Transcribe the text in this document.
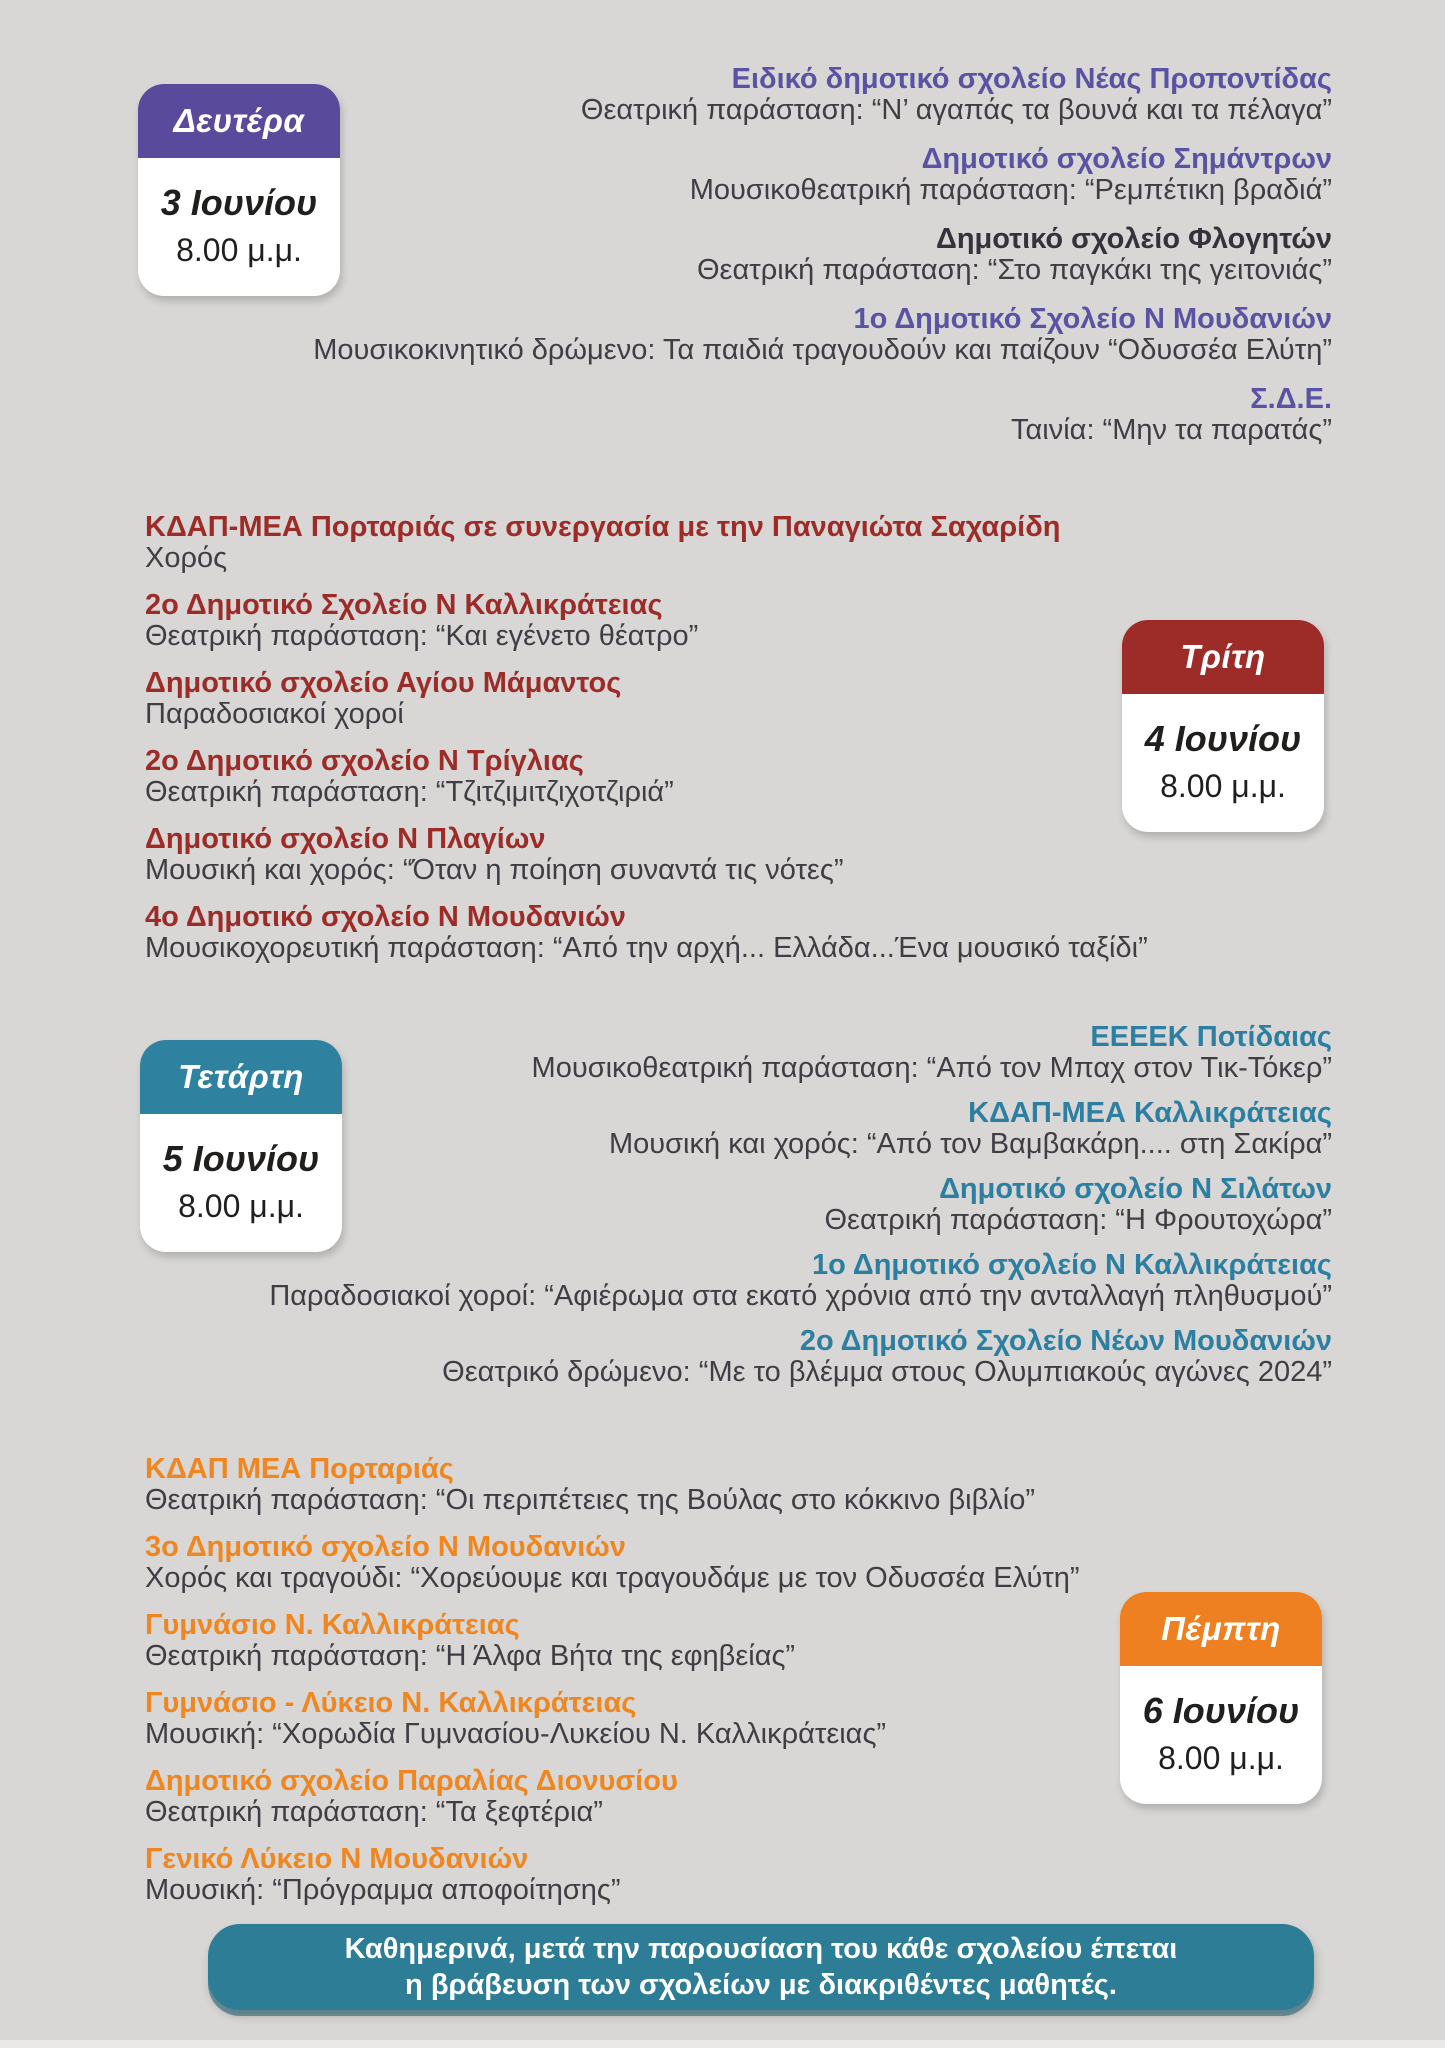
Δευτέρα
3 Ιουνίου
8.00 μ.μ.
Ειδικό δημοτικό σχολείο Νέας Προποντίδας
Θεατρική παράσταση: “Ν’ αγαπάς τα βουνά και τα πέλαγα”
Δημοτικό σχολείο Σημάντρων
Μουσικοθεατρική παράσταση: “Ρεμπέτικη βραδιά”
Δημοτικό σχολείο Φλογητών
Θεατρική παράσταση: “Στο παγκάκι της γειτονιάς”
1ο Δημοτικό Σχολείο Ν Μουδανιών
Μουσικοκινητικό δρώμενο: Τα παιδιά τραγουδούν και παίζουν “Οδυσσέα Ελύτη”
Σ.Δ.Ε.
Ταινία: “Μην τα παρατάς”
ΚΔΑΠ-ΜΕΑ Πορταριάς σε συνεργασία με την Παναγιώτα Σαχαρίδη
Χορός
2ο Δημοτικό Σχολείο Ν Καλλικράτειας
Θεατρική παράσταση: “Και εγένετο θέατρο”
Δημοτικό σχολείο Αγίου Μάμαντος
Παραδοσιακοί χοροί
2ο Δημοτικό σχολείο Ν Τρίγλιας
Θεατρική παράσταση: “Τζιτζιμιτζιχοτζιριά”
Δημοτικό σχολείο Ν Πλαγίων
Μουσική και χορός: “Όταν η ποίηση συναντά τις νότες”
4ο Δημοτικό σχολείο Ν Μουδανιών
Μουσικοχορευτική παράσταση: “Από την αρχή... Ελλάδα...Ένα μουσικό ταξίδι”
Τρίτη
4 Ιουνίου
8.00 μ.μ.
Τετάρτη
5 Ιουνίου
8.00 μ.μ.
ΕΕΕΕΚ Ποτίδαιας
Μουσικοθεατρική παράσταση: “Από τον Μπαχ στον Τικ-Τόκερ”
ΚΔΑΠ-ΜΕΑ Καλλικράτειας
Μουσική και χορός: “Από τον Βαμβακάρη.... στη Σακίρα”
Δημοτικό σχολείο Ν Σιλάτων
Θεατρική παράσταση: “Η Φρουτοχώρα”
1ο Δημοτικό σχολείο Ν Καλλικράτειας
Παραδοσιακοί χοροί: “Αφιέρωμα στα εκατό χρόνια από την ανταλλαγή πληθυσμού”
2ο Δημοτικό Σχολείο Νέων Μουδανιών
Θεατρικό δρώμενο: “Με το βλέμμα στους Ολυμπιακούς αγώνες 2024”
ΚΔΑΠ ΜΕΑ Πορταριάς
Θεατρική παράσταση: “Οι περιπέτειες της Βούλας στο κόκκινο βιβλίο”
3ο Δημοτικό σχολείο Ν Μουδανιών
Χορός και τραγούδι: “Χορεύουμε και τραγουδάμε με τον Οδυσσέα Ελύτη”
Γυμνάσιο Ν. Καλλικράτειας
Θεατρική παράσταση: “Η Άλφα Βήτα της εφηβείας”
Γυμνάσιο - Λύκειο Ν. Καλλικράτειας
Μουσική: “Χορωδία Γυμνασίου-Λυκείου Ν. Καλλικράτειας”
Δημοτικό σχολείο Παραλίας Διονυσίου
Θεατρική παράσταση: “Τα ξεφτέρια”
Γενικό Λύκειο Ν Μουδανιών
Μουσική: “Πρόγραμμα αποφοίτησης”
Πέμπτη
6 Ιουνίου
8.00 μ.μ.
Καθημερινά, μετά την παρουσίαση του κάθε σχολείου έπεται
η βράβευση των σχολείων με διακριθέντες μαθητές.
